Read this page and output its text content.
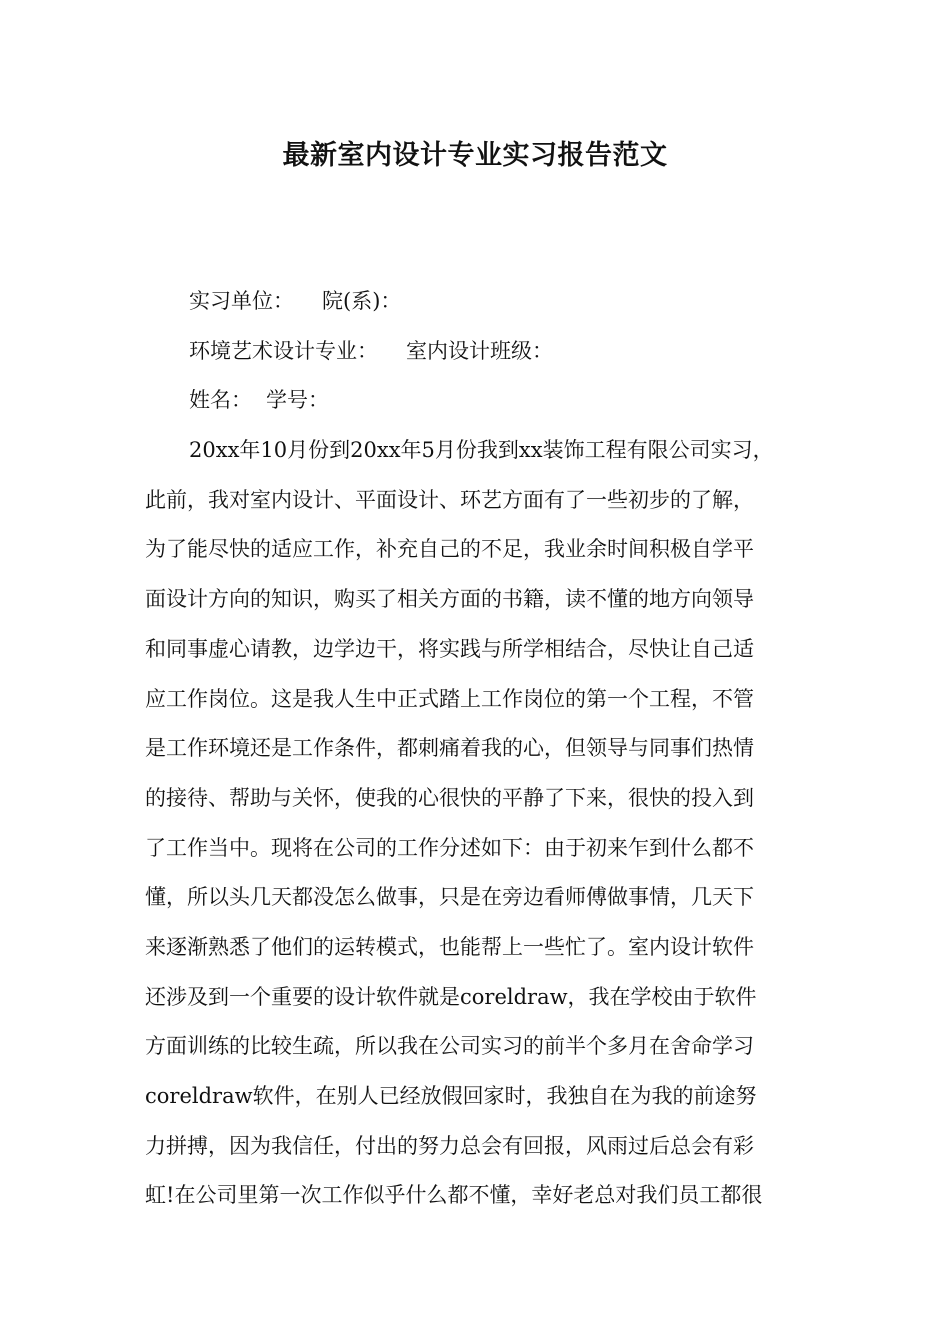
最新室内设计专业实习报告范文
实习单位： 院(系)：
环境艺术设计专业： 室内设计班级：
姓名： 学号：
20xx年10月份到20xx年5月份我到xx装饰工程有限公司实习，
此前，我对室内设计、平面设计、环艺方面有了一些初步的了解，
为了能尽快的适应工作，补充自己的不足，我业余时间积极自学平
面设计方向的知识，购买了相关方面的书籍，读不懂的地方向领导
和同事虚心请教，边学边干，将实践与所学相结合，尽快让自己适
应工作岗位。这是我人生中正式踏上工作岗位的第一个工程，不管
是工作环境还是工作条件，都刺痛着我的心，但领导与同事们热情
的接待、帮助与关怀，使我的心很快的平静了下来，很快的投入到
了工作当中。现将在公司的工作分述如下：由于初来乍到什么都不
懂，所以头几天都没怎么做事，只是在旁边看师傅做事情，几天下
来逐渐熟悉了他们的运转模式，也能帮上一些忙了。室内设计软件
还涉及到一个重要的设计软件就是coreldraw，我在学校由于软件
方面训练的比较生疏，所以我在公司实习的前半个多月在舍命学习
coreldraw软件，在别人已经放假回家时，我独自在为我的前途努
力拼搏，因为我信任，付出的努力总会有回报，风雨过后总会有彩
虹!在公司里第一次工作似乎什么都不懂，幸好老总对我们员工都很
